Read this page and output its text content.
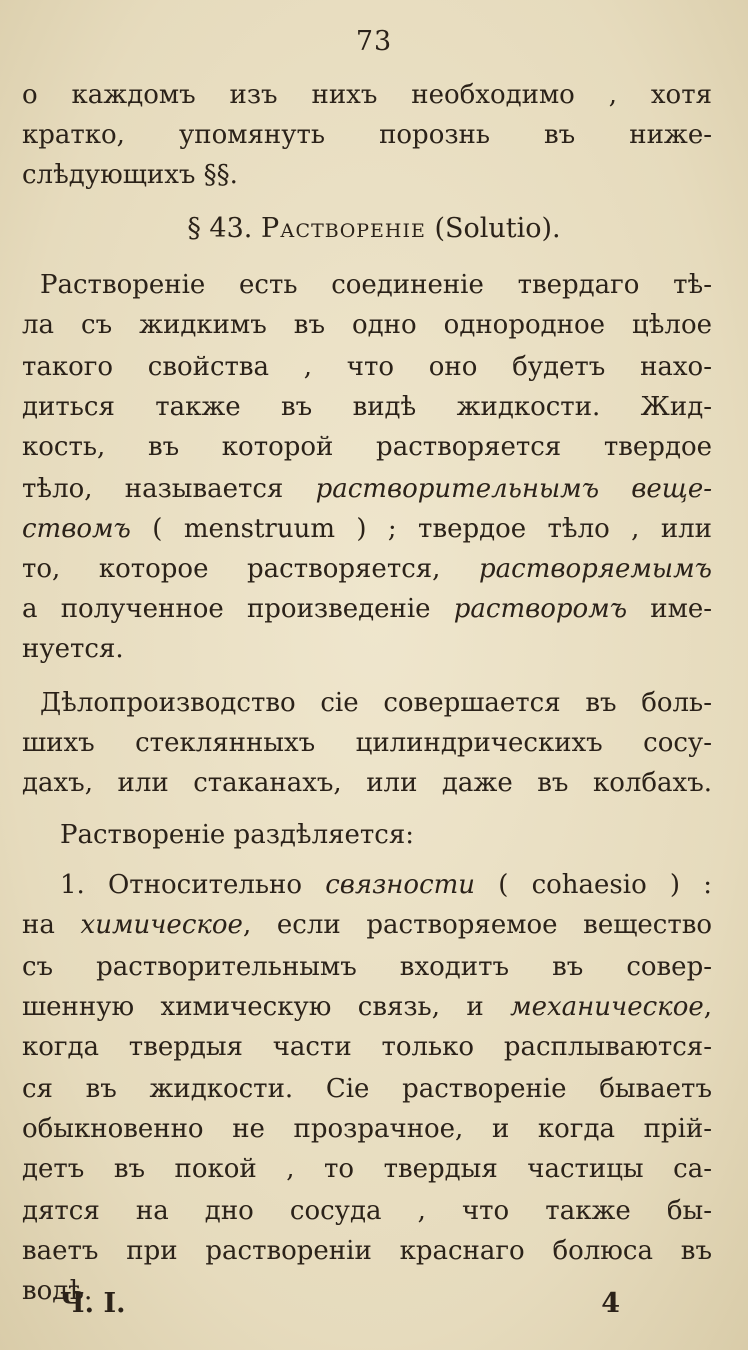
73
о каждомъ изъ нихъ необходимо , хотя
кратко, упомянуть порознь въ ниже-
слѣдующихъ §§.
§ 43. Растворенiе (Solutio).
Растворенiе есть соединенiе твердаго тѣ-
ла съ жидкимъ въ одно однородное цѣлое
такого свойства , что оно будетъ нахо-
диться также въ видѣ жидкости. Жид-
кость, въ которой растворяется твердое
тѣло, называется растворительнымъ веще-
ствомъ ( menstruum ) ; твердое тѣло , или
то, которое растворяется, растворяемымъ
а полученное произведенiе растворомъ име-
нуется.
Дѣлопроизводство сiе совершается въ боль-
шихъ стеклянныхъ цилиндрическихъ сосу-
дахъ, или стаканахъ, или даже въ колбахъ.
Растворенiе раздѣляется:
1. Относительно связности ( cohaesio ) :
на химическое, если растворяемое вещество
съ растворительнымъ входитъ въ совер-
шенную химическую связь, и механическое,
когда твердыя части только расплываются-
ся въ жидкости. Сiе растворенiе бываетъ
обыкновенно не прозрачное, и когда прiй-
детъ въ покой , то твердыя частицы са-
дятся на дно сосуда , что также бы-
ваетъ при растворенiи краснаго болюса въ
водѣ.
Ч. I.	4
